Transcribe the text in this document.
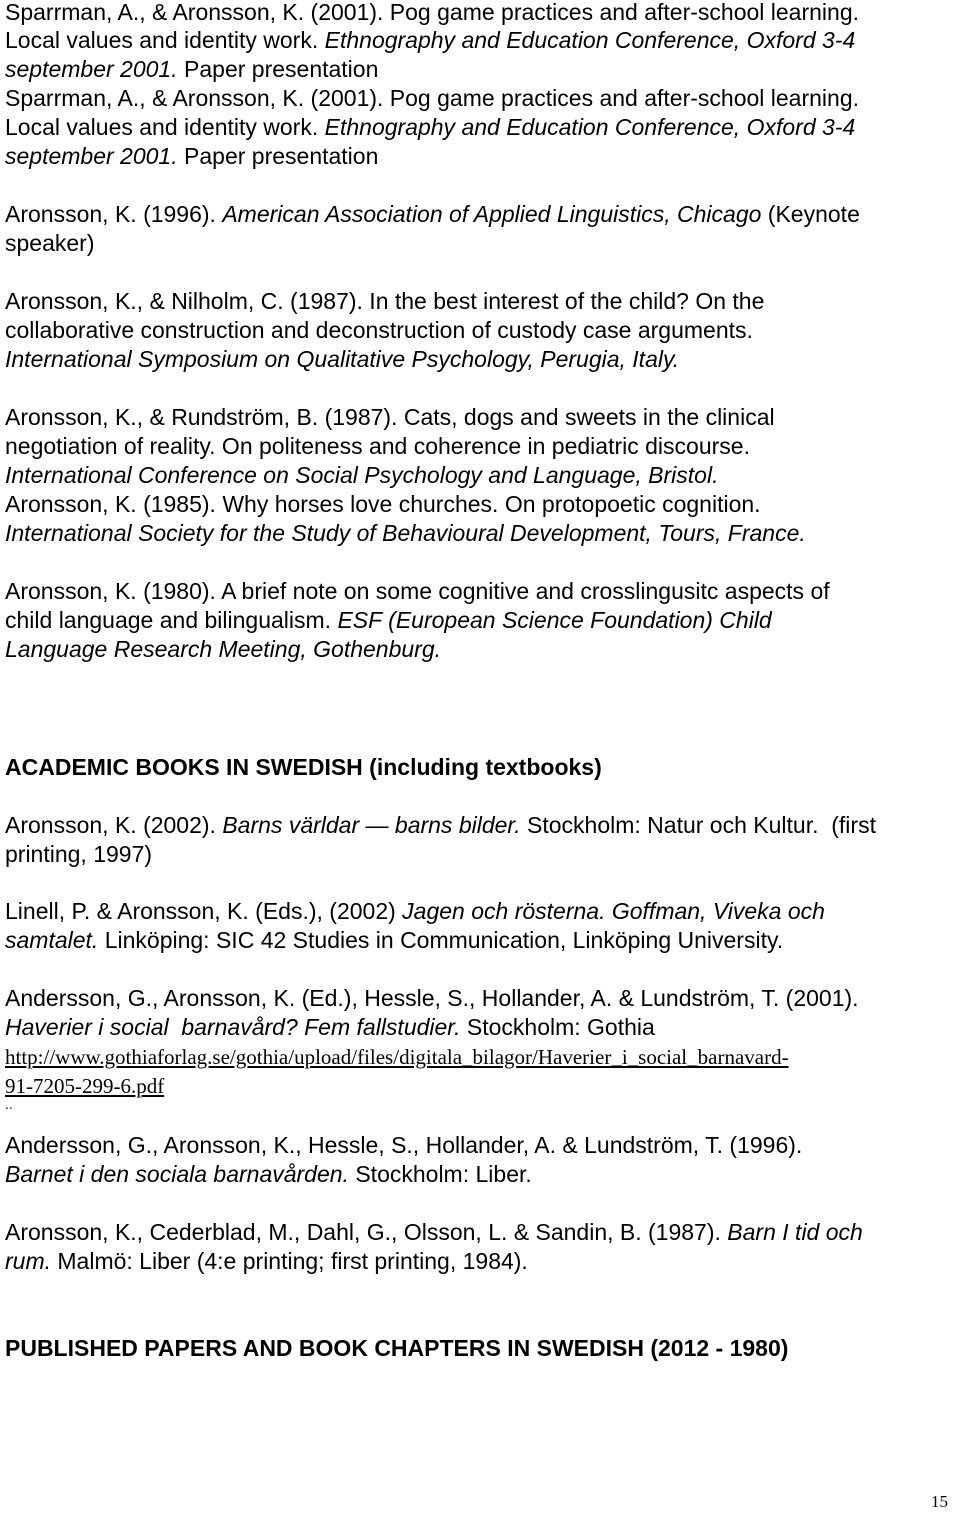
Sparrman, A., & Aronsson, K. (2001). Pog game practices and after-school learning.
Local values and identity work. Ethnography and Education Conference, Oxford 3-4
september 2001. Paper presentation
Sparrman, A., & Aronsson, K. (2001). Pog game practices and after-school learning.
Local values and identity work. Ethnography and Education Conference, Oxford 3-4
september 2001. Paper presentation
Aronsson, K. (1996). American Association of Applied Linguistics, Chicago (Keynote
speaker)
Aronsson, K., & Nilholm, C. (1987). In the best interest of the child? On the
collaborative construction and deconstruction of custody case arguments.
International Symposium on Qualitative Psychology, Perugia, Italy.
Aronsson, K., & Rundström, B. (1987). Cats, dogs and sweets in the clinical
negotiation of reality. On politeness and coherence in pediatric discourse.
International Conference on Social Psychology and Language, Bristol.
Aronsson, K. (1985). Why horses love churches. On protopoetic cognition.
International Society for the Study of Behavioural Development, Tours, France.
Aronsson, K. (1980). A brief note on some cognitive and crosslingusitc aspects of
child language and bilingualism. ESF (European Science Foundation) Child
Language Research Meeting, Gothenburg.
ACADEMIC BOOKS IN SWEDISH (including textbooks)
Aronsson, K. (2002). Barns världar — barns bilder. Stockholm: Natur och Kultur.  (first
printing, 1997)
Linell, P. & Aronsson, K. (Eds.), (2002) Jagen och rösterna. Goffman, Viveka och
samtalet. Linköping: SIC 42 Studies in Communication, Linköping University.
Andersson, G., Aronsson, K. (Ed.), Hessle, S., Hollander, A. & Lundström, T. (2001).
Haverier i social  barnavård? Fem fallstudier. Stockholm: Gothia
http://www.gothiaforlag.se/gothia/upload/files/digitala_bilagor/Haverier_i_social_barnavard-
91-7205-299-6.pdf
..
Andersson, G., Aronsson, K., Hessle, S., Hollander, A. & Lundström, T. (1996).
Barnet i den sociala barnavården. Stockholm: Liber.
Aronsson, K., Cederblad, M., Dahl, G., Olsson, L. & Sandin, B. (1987). Barn I tid och
rum. Malmö: Liber (4:e printing; first printing, 1984).
PUBLISHED PAPERS AND BOOK CHAPTERS IN SWEDISH (2012 - 1980)
15
